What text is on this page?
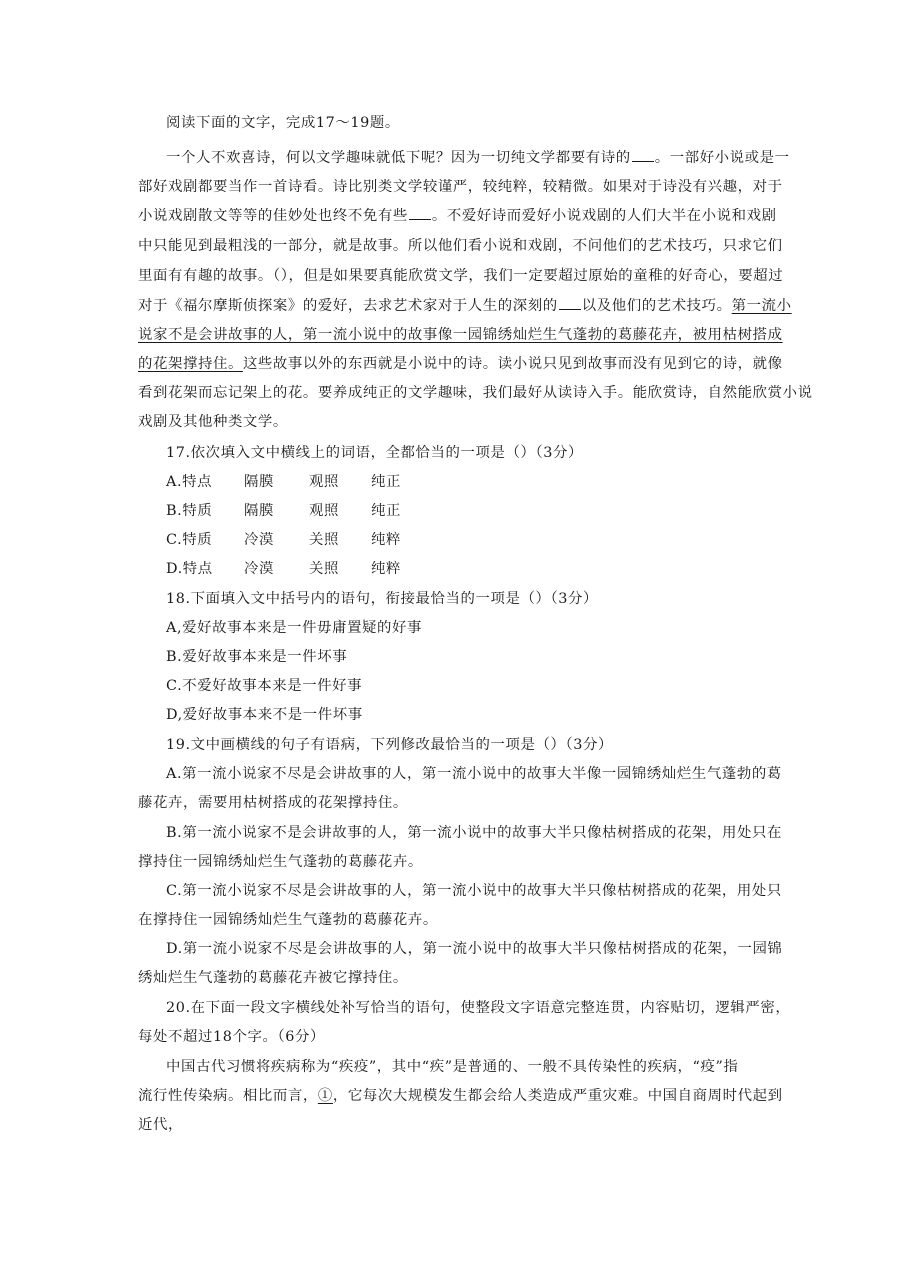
阅读下面的文字，完成17～19题。
一个人不欢喜诗，何以文学趣味就低下呢？因为一切纯文学都要有诗的 。一部好小说或是一
部好戏剧都要当作一首诗看。诗比别类文学较谨严，较纯粹，较精微。如果对于诗没有兴趣，对于
小说戏剧散文等等的佳妙处也终不免有些 。不爱好诗而爱好小说戏剧的人们大半在小说和戏剧
中只能见到最粗浅的一部分，就是故事。所以他们看小说和戏剧，不问他们的艺术技巧，只求它们
里面有有趣的故事。（），但是如果要真能欣赏文学，我们一定要超过原始的童稚的好奇心，要超过
对于《福尔摩斯侦探案》的爱好，去求艺术家对于人生的深刻的 以及他们的艺术技巧。第一流小
说家不是会讲故事的人，第一流小说中的故事像一园锦绣灿烂生气蓬勃的葛藤花卉，被用枯树搭成
的花架撑持住。这些故事以外的东西就是小说中的诗。读小说只见到故事而没有见到它的诗，就像
看到花架而忘记架上的花。要养成纯正的文学趣味，我们最好从读诗入手。能欣赏诗，自然能欣赏小说
戏剧及其他种类文学。
17.依次填入文中横线上的词语，全都恰当的一项是（）（3分）
A.特点 隔膜 观照 纯正
B.特质 隔膜 观照 纯正
C.特质 冷漠 关照 纯粹
D.特点 冷漠 关照 纯粹
18.下面填入文中括号内的语句，衔接最恰当的一项是（）（3分）
A,爱好故事本来是一件毋庸置疑的好事
B.爱好故事本来是一件坏事
C.不爱好故事本来是一件好事
D,爱好故事本来不是一件坏事
19.文中画横线的句子有语病，下列修改最恰当的一项是（）（3分）
A.第一流小说家不尽是会讲故事的人，第一流小说中的故事大半像一园锦绣灿烂生气蓬勃的葛
藤花卉，需要用枯树搭成的花架撑持住。
B.第一流小说家不是会讲故事的人，第一流小说中的故事大半只像枯树搭成的花架，用处只在
撑持住一园锦绣灿烂生气蓬勃的葛藤花卉。
C.第一流小说家不尽是会讲故事的人，第一流小说中的故事大半只像枯树搭成的花架，用处只
在撑持住一园锦绣灿烂生气蓬勃的葛藤花卉。
D.第一流小说家不尽是会讲故事的人，第一流小说中的故事大半只像枯树搭成的花架，一园锦
绣灿烂生气蓬勃的葛藤花卉被它撑持住。
20.在下面一段文字横线处补写恰当的语句，使整段文字语意完整连贯，内容贴切，逻辑严密，
每处不超过18个字。（6分）
中国古代习惯将疾病称为“疾疫”，其中“疾”是普通的、一般不具传染性的疾病，“疫”指
流行性传染病。相比而言，①，它每次大规模发生都会给人类造成严重灾难。中国自商周时代起到
近代，
